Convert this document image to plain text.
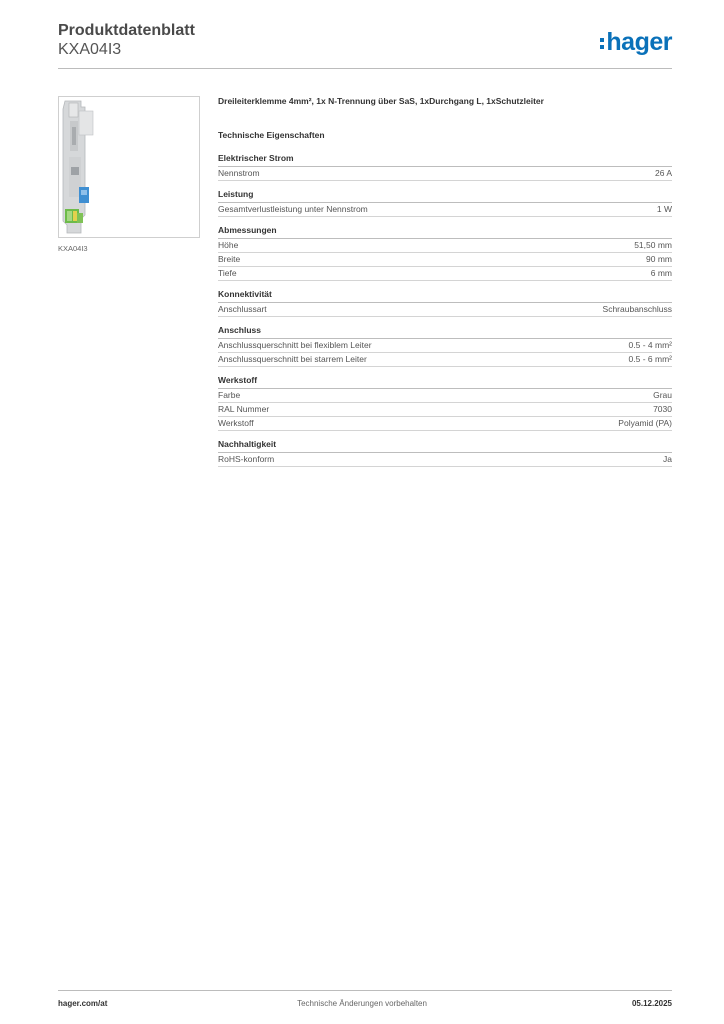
Produktdatenblatt
KXA04I3	hager
KXA04I3

Dreileiterklemme 4mm², 1x N-Trennung über SaS, 1xDurchgang L, 1xSchutzleiter

Technische Eigenschaften

Elektrischer Strom
Nennstrom	26 A
Leistung
Gesamtverlustleistung unter Nennstrom	1 W
Abmessungen
Höhe	51,50 mm
Breite	90 mm
Tiefe	6 mm
Konnektivität
Anschlussart	Schraubanschluss
Anschluss
Anschlussquerschnitt bei flexiblem Leiter	0.5 - 4 mm²
Anschlussquerschnitt bei starrem Leiter	0.5 - 6 mm²
Werkstoff
Farbe	Grau
RAL Nummer	7030
Werkstoff	Polyamid (PA)
Nachhaltigkeit
RoHS-konform	Ja
hager.com/at	Technische Änderungen vorbehalten	05.12.2025
